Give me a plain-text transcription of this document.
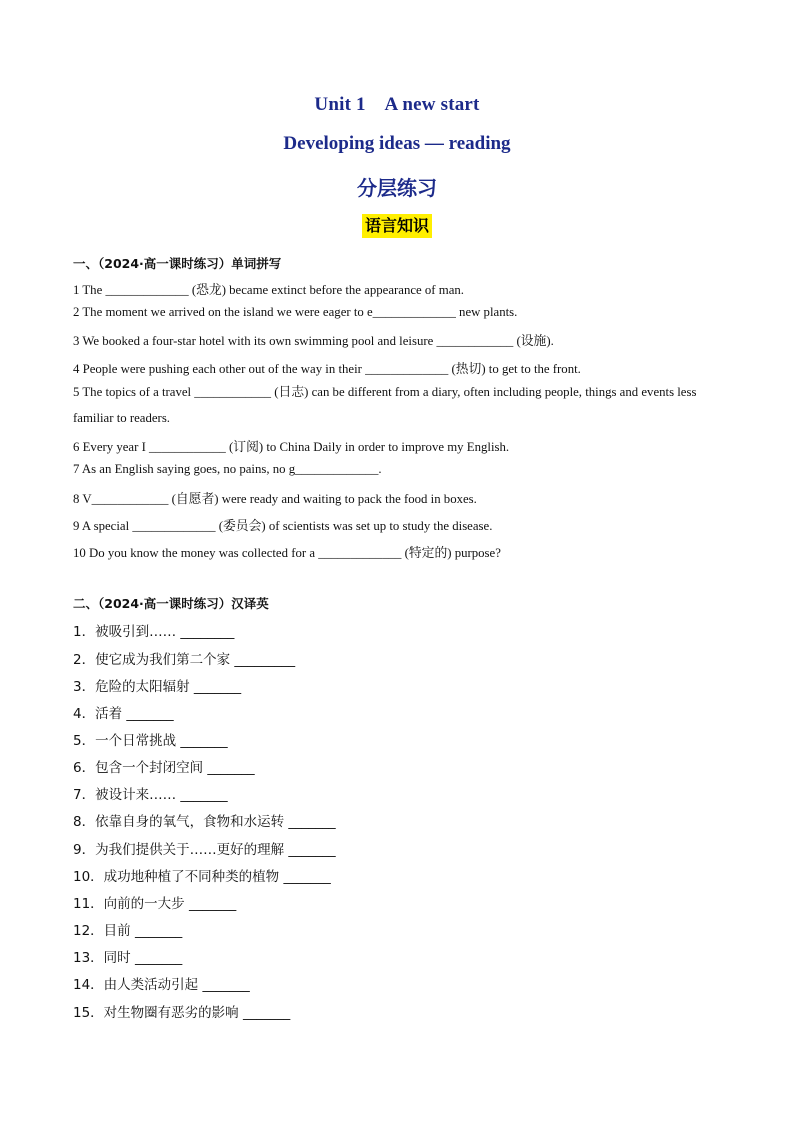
Unit 1    A new start
Developing ideas — reading
分层练习
语言知识
一、（2024·高一课时练习）单词拼写
1 The _____________ (恐龙) became extinct before the appearance of man.
2 The moment we arrived on the island we were eager to e_____________ new plants.
3 We booked a four-star hotel with its own swimming pool and leisure ____________ (设施).
4 People were pushing each other out of the way in their _____________ (热切) to get to the front.
5 The topics of a travel ____________ (日志) can be different from a diary, often including people, things and events less familiar to readers.
6 Every year I ____________ (订阅) to China Daily in order to improve my English.
7 As an English saying goes, no pains, no g_____________.
8 V____________ (自愿者) were ready and waiting to pack the food in boxes.
9 A special _____________ (委员会) of scientists was set up to study the disease.
10 Do you know the money was collected for a _____________ (特定的) purpose?
二、（2024·高一课时练习）汉译英
1．被吸引到…… ________
2．使它成为我们第二个家 _________
3．危险的太阳辐射 _______
4．活着 _______
5．一个日常挑战 _______
6．包含一个封闭空间 _______
7．被设计来…… _______
8．依靠自身的氧气，食物和水运转 _______
9．为我们提供关于……更好的理解 _______
10．成功地种植了不同种类的植物 _______
11．向前的一大步 _______
12．目前 _______
13．同时 _______
14．由人类活动引起 _______
15．对生物圈有恶劣的影响 _______
